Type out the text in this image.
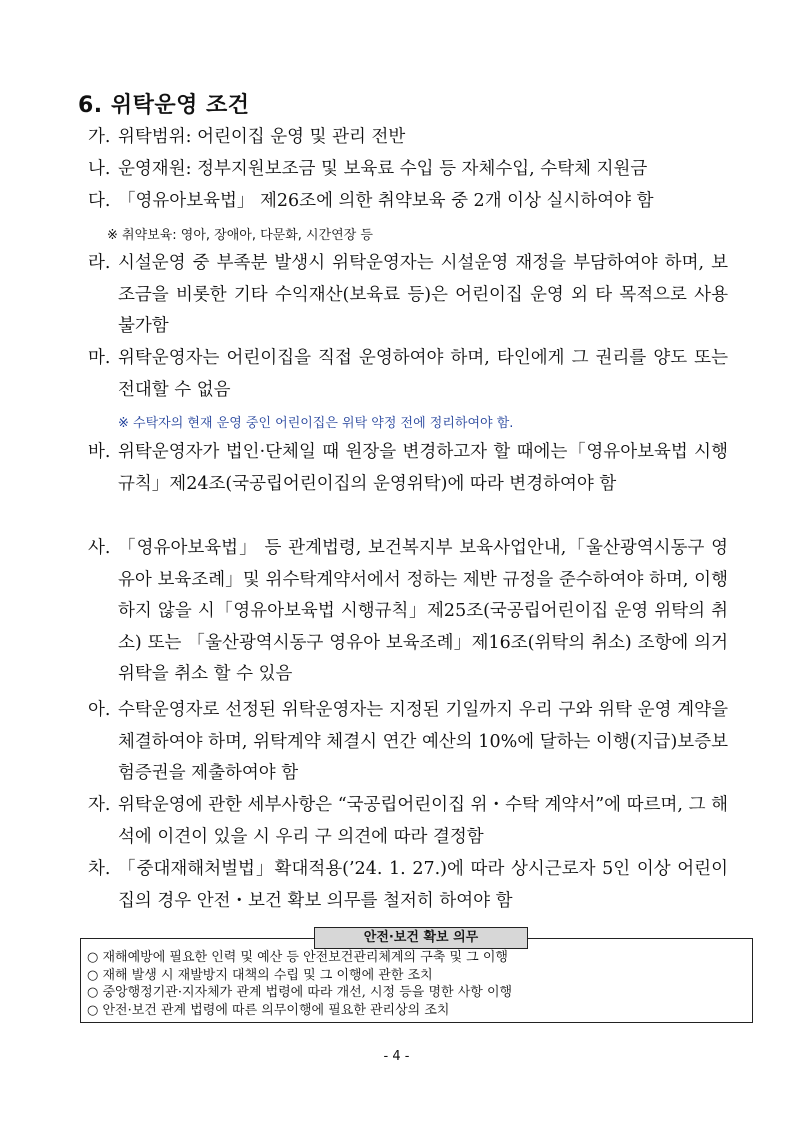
6. 위탁운영 조건
가. 위탁범위: 어린이집 운영 및 관리 전반
나. 운영재원: 정부지원보조금 및 보육료 수입 등 자체수입, 수탁체 지원금
다. 「영유아보육법」 제26조에 의한 취약보육 중 2개 이상 실시하여야 함
※ 취약보육: 영아, 장애아, 다문화, 시간연장 등
라. 시설운영 중 부족분 발생시 위탁운영자는 시설운영 재정을 부담하여야 하며, 보조금을 비롯한 기타 수익재산(보육료 등)은 어린이집 운영 외 타 목적으로 사용 불가함
마. 위탁운영자는 어린이집을 직접 운영하여야 하며, 타인에게 그 권리를 양도 또는 전대할 수 없음
※ 수탁자의 현재 운영 중인 어린이집은 위탁 약정 전에 정리하여야 함.
바. 위탁운영자가 법인·단체일 때 원장을 변경하고자 할 때에는「영유아보육법 시행규칙」제24조(국공립어린이집의 운영위탁)에 따라 변경하여야 함
사. 「영유아보육법」 등 관계법령, 보건복지부 보육사업안내,「울산광역시동구 영유아 보육조례」및 위수탁계약서에서 정하는 제반 규정을 준수하여야 하며, 이행하지 않을 시「영유아보육법 시행규칙」제25조(국공립어린이집 운영 위탁의 취소) 또는 「울산광역시동구 영유아 보육조례」제16조(위탁의 취소) 조항에 의거 위탁을 취소 할 수 있음
아. 수탁운영자로 선정된 위탁운영자는 지정된 기일까지 우리 구와 위탁 운영 계약을 체결하여야 하며, 위탁계약 체결시 연간 예산의 10%에 달하는 이행(지급)보증보험증권을 제출하여야 함
자. 위탁운영에 관한 세부사항은 “국공립어린이집 위・수탁 계약서”에 따르며, 그 해석에 이견이 있을 시 우리 구 의견에 따라 결정함
차. 「중대재해처벌법」확대적용(’24. 1. 27.)에 따라 상시근로자 5인 이상 어린이집의 경우 안전・보건 확보 의무를 철저히 하여야 함
안전·보건 확보 의무
○ 재해예방에 필요한 인력 및 예산 등 안전보건관리체계의 구축 및 그 이행
○ 재해 발생 시 재발방지 대책의 수립 및 그 이행에 관한 조치
○ 중앙행정기관·지자체가 관계 법령에 따라 개선, 시정 등을 명한 사항 이행
○ 안전·보건 관계 법령에 따른 의무이행에 필요한 관리상의 조치
- 4 -
